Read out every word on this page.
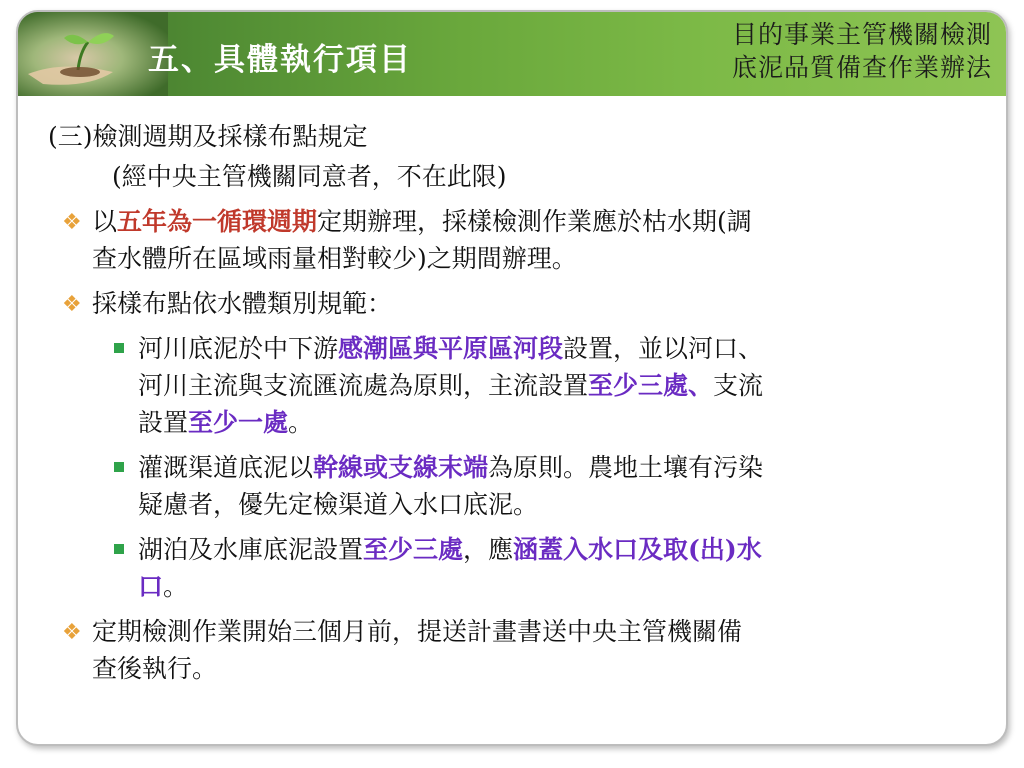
五、具體執行項目
目的事業主管機關檢測
底泥品質備查作業辦法
(三)檢測週期及採樣布點規定
(經中央主管機關同意者，不在此限)
❖ 以五年為一循環週期定期辦理，採樣檢測作業應於枯水期(調
查水體所在區域雨量相對較少)之期間辦理。
❖ 採樣布點依水體類別規範：
河川底泥於中下游感潮區與平原區河段設置，並以河口、
河川主流與支流匯流處為原則，主流設置至少三處、支流
設置至少一處。
灌溉渠道底泥以幹線或支線末端為原則。農地土壤有污染
疑慮者，優先定檢渠道入水口底泥。
湖泊及水庫底泥設置至少三處，應涵蓋入水口及取(出)水
口。
❖ 定期檢測作業開始三個月前，提送計畫書送中央主管機關備
查後執行。
